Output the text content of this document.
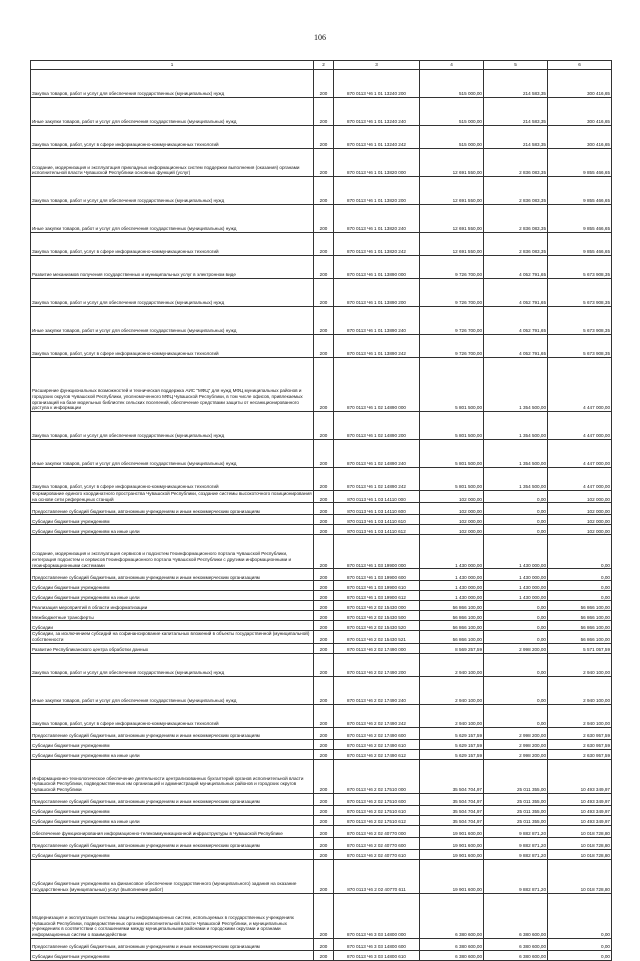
106
1	2	3	4	5	6
Закупка товаров, работ и услуг для обеспечения государственных (муниципальных) нужд	200	870 0113 Ч6 1 01 13240 200	515 000,00	214 583,35	300 416,65
Иные закупки товаров, работ и услуг для обеспечения государственных (муниципальных) нужд	200	870 0113 Ч6 1 01 13240 240	515 000,00	214 583,35	300 416,65
Закупка товаров, работ, услуг в сфере информационно-коммуникационных технологий	200	870 0113 Ч6 1 01 13240 242	515 000,00	214 583,35	300 416,65
Создание, модернизация и эксплуатация прикладных информационных систем поддержки выполнения (оказания) органами исполнительной власти Чувашской Республики основных функций (услуг)	200	870 0113 Ч6 1 01 13820 000	12 691 550,00	2 836 083,35	9 855 466,65
Закупка товаров, работ и услуг для обеспечения государственных (муниципальных) нужд	200	870 0113 Ч6 1 01 13820 200	12 691 550,00	2 836 083,35	9 855 466,65
Иные закупки товаров, работ и услуг для обеспечения государственных (муниципальных) нужд	200	870 0113 Ч6 1 01 13820 240	12 691 550,00	2 836 083,35	9 855 466,65
Закупка товаров, работ, услуг в сфере информационно-коммуникационных технологий	200	870 0113 Ч6 1 01 13820 242	12 691 550,00	2 836 083,35	9 855 466,65
Развитие механизмов получения государственных и муниципальных услуг в электронном виде	200	870 0113 Ч6 1 01 13890 000	9 726 700,00	4 052 791,65	5 673 908,35
Закупка товаров, работ и услуг для обеспечения государственных (муниципальных) нужд	200	870 0113 Ч6 1 01 13890 200	9 726 700,00	4 052 791,65	5 673 908,35
Иные закупки товаров, работ и услуг для обеспечения государственных (муниципальных) нужд	200	870 0113 Ч6 1 01 13890 240	9 726 700,00	4 052 791,65	5 673 908,35
Закупка товаров, работ, услуг в сфере информационно-коммуникационных технологий	200	870 0113 Ч6 1 01 13890 242	9 726 700,00	4 052 791,65	5 673 908,35
Расширение функциональных возможностей и техническая поддержка АИС "МФЦ" для нужд МФЦ муниципальных районов и городских округов Чувашской Республики, уполномоченного МФЦ Чувашской Республики, в том числе офисов, привлекаемых организаций на базе модельных библиотек сельских поселений, обеспечение средствами защиты от несанкционированного доступа к информации	200	870 0113 Ч6 1 02 14890 000	5 801 500,00	1 354 500,00	4 447 000,00
Закупка товаров, работ и услуг для обеспечения государственных (муниципальных) нужд	200	870 0113 Ч6 1 02 14890 200	5 801 500,00	1 354 500,00	4 447 000,00
Иные закупки товаров, работ и услуг для обеспечения государственных (муниципальных) нужд	200	870 0113 Ч6 1 02 14890 240	5 801 500,00	1 354 500,00	4 447 000,00
Закупка товаров, работ, услуг в сфере информационно-коммуникационных технологий	200	870 0113 Ч6 1 02 14890 242	5 801 500,00	1 354 500,00	4 447 000,00
Формирование единого координатного пространства Чувашской Республики, создание системы высокоточного позиционирования на основе сети референцных станций	200	870 0113 Ч6 1 03 14110 000	102 000,00	0,00	102 000,00
Предоставление субсидий бюджетным, автономным учреждениям и иным некоммерческим организациям	200	870 0113 Ч6 1 03 14110 600	102 000,00	0,00	102 000,00
Субсидии бюджетным учреждениям	200	870 0113 Ч6 1 03 14110 610	102 000,00	0,00	102 000,00
Субсидии бюджетным учреждениям на иные цели	200	870 0113 Ч6 1 03 14110 612	102 000,00	0,00	102 000,00
Создание, модернизация и эксплуатация сервисов и подсистем Геоинформационного портала Чувашской Республики, интеграция подсистем и сервисов Геоинформационного портала Чувашской Республики с другими информационными и геоинформационными системами	200	870 0113 Ч6 1 03 19900 000	1 430 000,00	1 430 000,00	0,00
Предоставление субсидий бюджетным, автономным учреждениям и иным некоммерческим организациям	200	870 0113 Ч6 1 03 19900 600	1 430 000,00	1 430 000,00	0,00
Субсидии бюджетным учреждениям	200	870 0113 Ч6 1 03 19900 610	1 430 000,00	1 430 000,00	0,00
Субсидии бюджетным учреждениям на иные цели	200	870 0113 Ч6 1 03 19900 612	1 430 000,00	1 430 000,00	0,00
Реализация мероприятий в области информатизации	200	870 0113 Ч6 2 02 15430 000	56 866 100,00	0,00	56 866 100,00
Межбюджетные трансферты	200	870 0113 Ч6 2 02 15430 500	56 866 100,00	0,00	56 866 100,00
Субсидии	200	870 0113 Ч6 2 02 15430 520	56 866 100,00	0,00	56 866 100,00
Субсидии, за исключением субсидий на софинансирование капитальных вложений в объекты государственной (муниципальной) собственности	200	870 0113 Ч6 2 02 15430 521	56 866 100,00	0,00	56 866 100,00
Развитие Республиканского центра обработки данных	200	870 0113 Ч6 2 02 17490 000	8 569 257,59	2 998 200,00	5 571 057,59
Закупка товаров, работ и услуг для обеспечения государственных (муниципальных) нужд	200	870 0113 Ч6 2 02 17490 200	2 940 100,00	0,00	2 940 100,00
Иные закупки товаров, работ и услуг для обеспечения государственных (муниципальных) нужд	200	870 0113 Ч6 2 02 17490 240	2 940 100,00	0,00	2 940 100,00
Закупка товаров, работ, услуг в сфере информационно-коммуникационных технологий	200	870 0113 Ч6 2 02 17490 242	2 940 100,00	0,00	2 940 100,00
Предоставление субсидий бюджетным, автономным учреждениям и иным некоммерческим организациям	200	870 0113 Ч6 2 02 17490 600	5 629 157,59	2 998 200,00	2 630 957,59
Субсидии бюджетным учреждениям	200	870 0113 Ч6 2 02 17490 610	5 629 157,59	2 998 200,00	2 630 957,59
Субсидии бюджетным учреждениям на иные цели	200	870 0113 Ч6 2 02 17490 612	5 629 157,59	2 998 200,00	2 630 957,59
Информационно-технологическое обеспечение деятельности централизованных бухгалтерий органов исполнительной власти Чувашской Республики, подведомственных им организаций и администраций муниципальных районов и городских округов Чувашской Республики	200	870 0113 Ч6 2 02 17510 000	35 504 704,97	25 011 355,00	10 493 349,97
Предоставление субсидий бюджетным, автономным учреждениям и иным некоммерческим организациям	200	870 0113 Ч6 2 02 17510 600	35 504 704,97	25 011 355,00	10 493 349,97
Субсидии бюджетным учреждениям	200	870 0113 Ч6 2 02 17510 610	35 504 704,97	25 011 355,00	10 493 349,97
Субсидии бюджетным учреждениям на иные цели	200	870 0113 Ч6 2 02 17510 612	35 504 704,97	25 011 355,00	10 493 349,97
Обеспечение функционирования информационно-телекоммуникационной инфраструктуры в Чувашской Республике	200	870 0113 Ч6 2 02 40770 000	19 901 600,00	9 882 871,20	10 018 728,80
Предоставление субсидий бюджетным, автономным учреждениям и иным некоммерческим организациям	200	870 0113 Ч6 2 02 40770 600	19 901 600,00	9 882 871,20	10 018 728,80
Субсидии бюджетным учреждениям	200	870 0113 Ч6 2 02 40770 610	19 901 600,00	9 882 871,20	10 018 728,80
Субсидии бюджетным учреждениям на финансовое обеспечение государственного (муниципального) задания на оказание государственных (муниципальных) услуг (выполнение работ)	200	870 0113 Ч6 2 02 40770 611	19 901 600,00	9 882 871,20	10 018 728,80
Модернизация и эксплуатация системы защиты информационных систем, используемых в государственных учреждениях Чувашской Республики, подведомственных органам исполнительной власти Чувашской Республики, и муниципальных учреждениях в соответствии с соглашениями между муниципальными районами и городскими округами и органами информационных систем о взаимодействии	200	870 0113 Ч6 3 03 14800 000	6 380 600,00	6 380 600,00	0,00
Предоставление субсидий бюджетным, автономным учреждениям и иным некоммерческим организациям	200	870 0113 Ч6 3 03 14800 600	6 380 600,00	6 380 600,00	0,00
Субсидии бюджетным учреждениям	200	870 0113 Ч6 3 03 14800 610	6 380 600,00	6 380 600,00	0,00
